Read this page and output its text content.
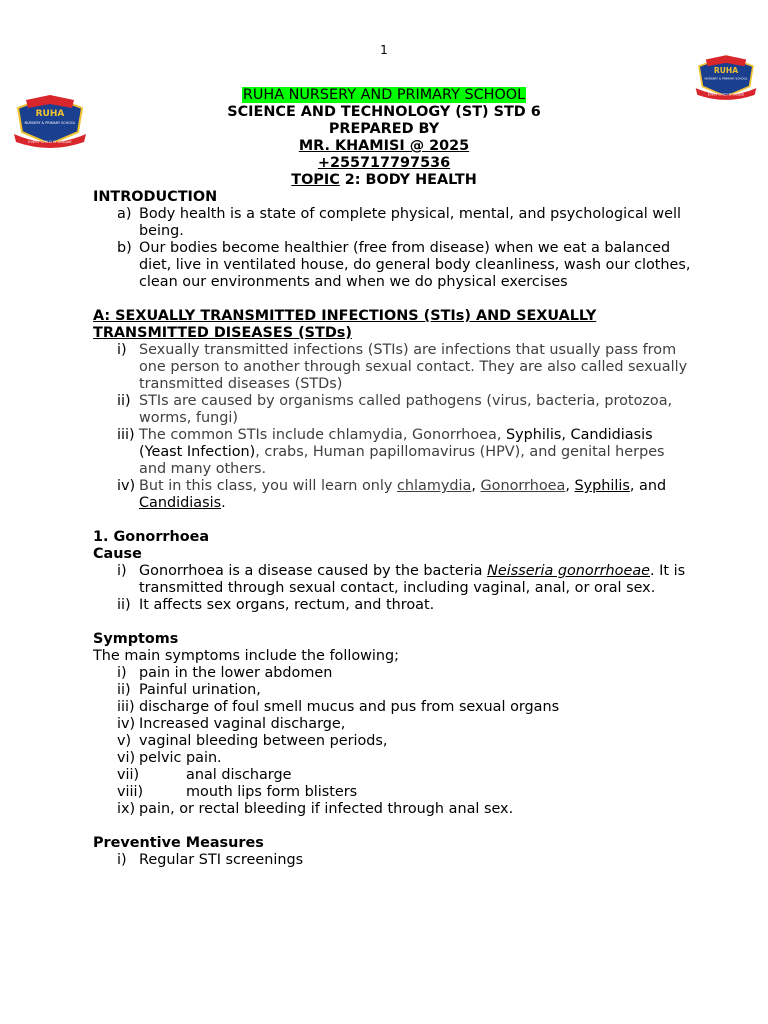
1
RUHA
NURSERY & PRIMARY SCHOOL
EVERY CHILD IS UNIQUE
RUHA
NURSERY & PRIMARY SCHOOL
EVERY CHILD IS UNIQUE
RUHA NURSERY AND PRIMARY SCHOOL
SCIENCE AND TECHNOLOGY (ST) STD 6
PREPARED BY
MR. KHAMISI @ 2025
+255717797536
TOPIC 2: BODY HEALTH
INTRODUCTION
a) Body health is a state of complete physical, mental, and psychological well being.
b) Our bodies become healthier (free from disease) when we eat a balanced diet, live in ventilated house, do general body cleanliness, wash our clothes, clean our environments and when we do physical exercises
A: SEXUALLY TRANSMITTED INFECTIONS (STIs) AND SEXUALLY TRANSMITTED DISEASES (STDs)
i) Sexually transmitted infections (STIs) are infections that usually pass from one person to another through sexual contact. They are also called sexually transmitted diseases (STDs)
ii) STIs are caused by organisms called pathogens (virus, bacteria, protozoa, worms, fungi)
iii) The common STIs include chlamydia, Gonorrhoea, Syphilis, Candidiasis (Yeast Infection), crabs, Human papillomavirus (HPV), and genital herpes and many others.
iv) But in this class, you will learn only chlamydia, Gonorrhoea, Syphilis, and Candidiasis.
1. Gonorrhoea
Cause
i) Gonorrhoea is a disease caused by the bacteria Neisseria gonorrhoeae. It is transmitted through sexual contact, including vaginal, anal, or oral sex.
ii) It affects sex organs, rectum, and throat.
Symptoms
The main symptoms include the following;
i) pain in the lower abdomen
ii) Painful urination,
iii) discharge of foul smell mucus and pus from sexual organs
iv) Increased vaginal discharge,
v) vaginal bleeding between periods,
vi) pelvic pain.
vii)	anal discharge
viii)	mouth lips form blisters
ix) pain, or rectal bleeding if infected through anal sex.
Preventive Measures
i) Regular STI screenings
